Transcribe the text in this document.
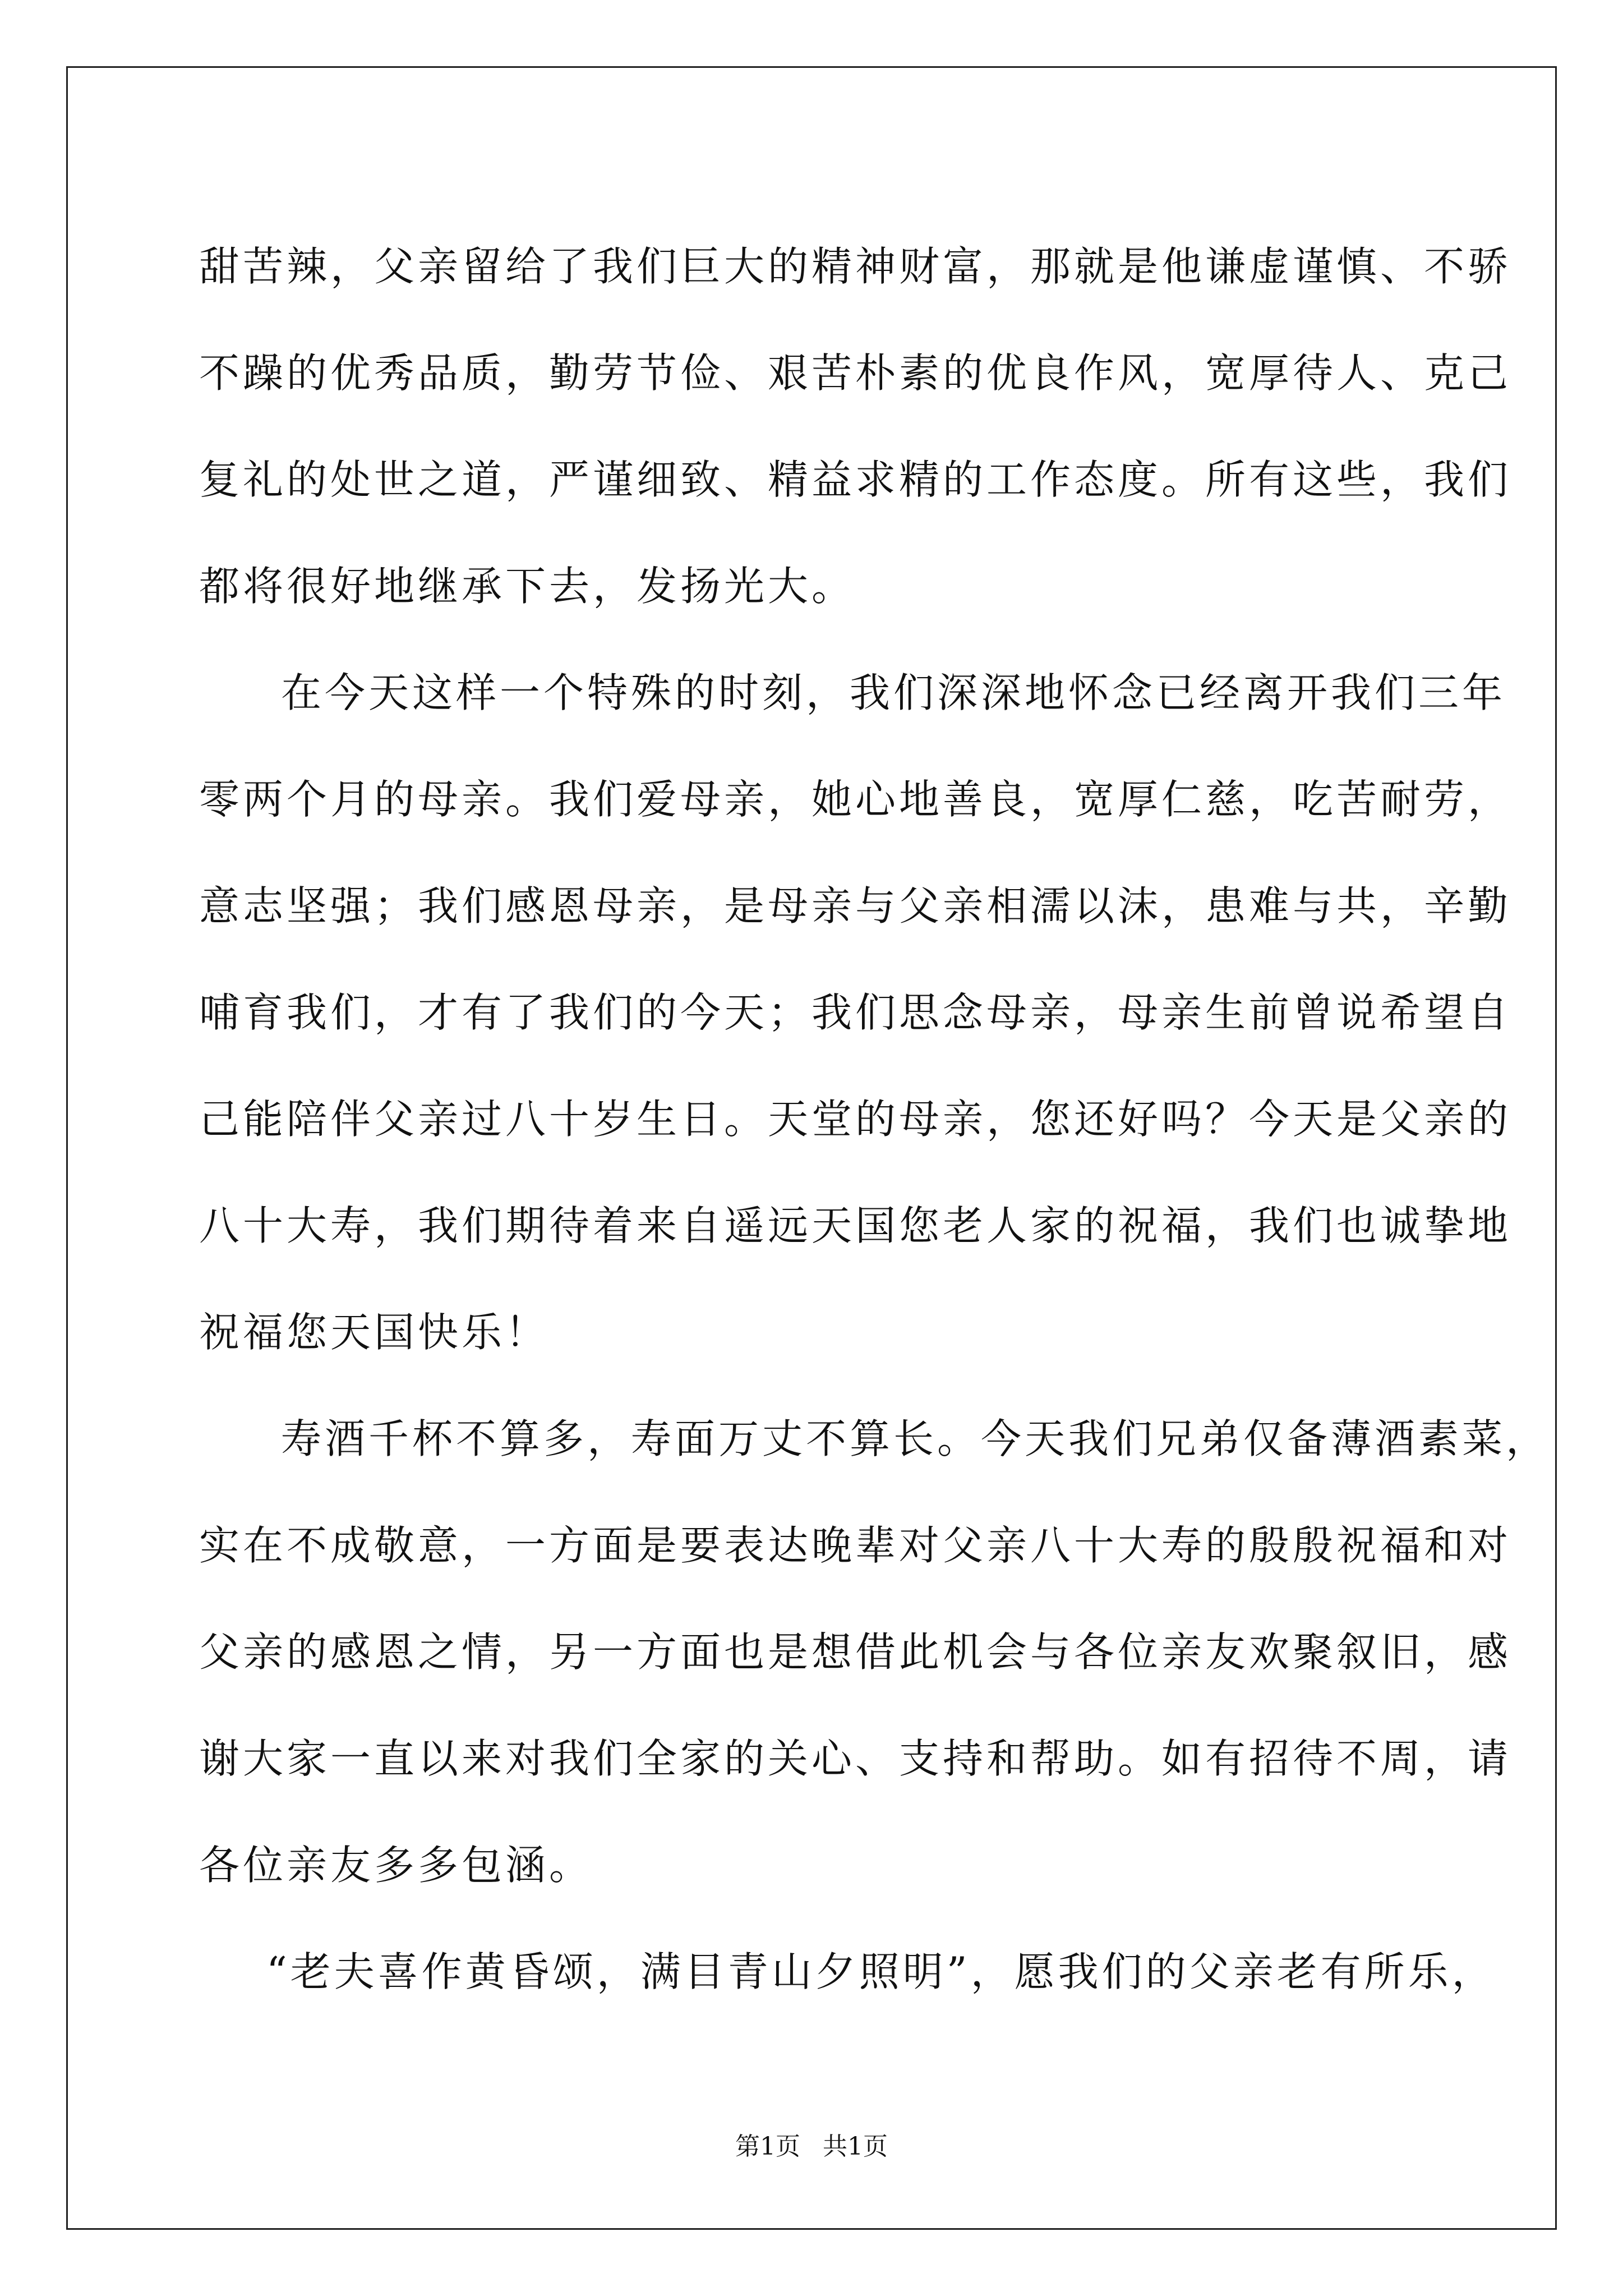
甜苦辣，父亲留给了我们巨大的精神财富，那就是他谦虚谨慎、不骄
不躁的优秀品质，勤劳节俭、艰苦朴素的优良作风，宽厚待人、克己
复礼的处世之道，严谨细致、精益求精的工作态度。所有这些，我们
都将很好地继承下去，发扬光大。
在今天这样一个特殊的时刻，我们深深地怀念已经离开我们三年
零两个月的母亲。我们爱母亲，她心地善良，宽厚仁慈，吃苦耐劳，
意志坚强；我们感恩母亲，是母亲与父亲相濡以沫，患难与共，辛勤
哺育我们，才有了我们的今天；我们思念母亲，母亲生前曾说希望自
己能陪伴父亲过八十岁生日。天堂的母亲，您还好吗？今天是父亲的
八十大寿，我们期待着来自遥远天国您老人家的祝福，我们也诚挚地
祝福您天国快乐！
寿酒千杯不算多，寿面万丈不算长。今天我们兄弟仅备薄酒素菜，
实在不成敬意，一方面是要表达晚辈对父亲八十大寿的殷殷祝福和对
父亲的感恩之情，另一方面也是想借此机会与各位亲友欢聚叙旧，感
谢大家一直以来对我们全家的关心、支持和帮助。如有招待不周，请
各位亲友多多包涵。
“老夫喜作黄昏颂，满目青山夕照明”，愿我们的父亲老有所乐，
第1页 共1页
